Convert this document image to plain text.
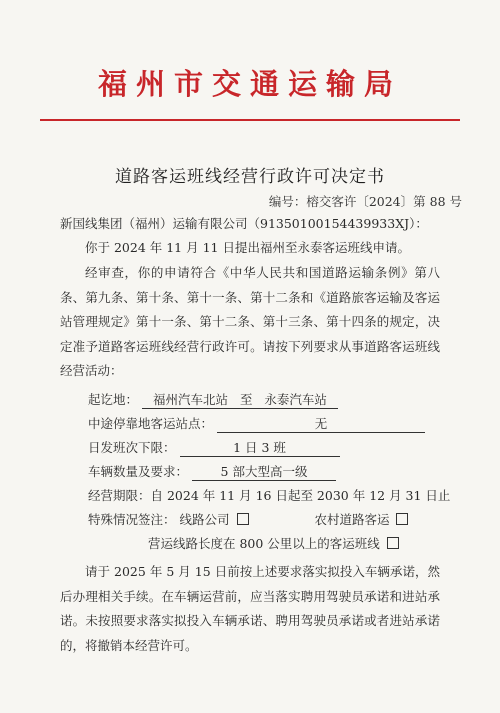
福州市交通运输局
道路客运班线经营行政许可决定书
编号：榕交客许〔2024〕第 88 号
新国线集团（福州）运输有限公司（91350100154439933XJ）：
你于 2024 年 11 月 11 日提出福州至永泰客运班线申请。
经审查，你的申请符合《中华人民共和国道路运输条例》第八条、第九条、第十条、第十一条、第十二条和《道路旅客运输及客运站管理规定》第十一条、第十二条、第十三条、第十四条的规定，决定准予道路客运班线经营行政许可。请按下列要求从事道路客运班线经营活动：
起讫地： 福州汽车北站 至 永泰汽车站
中途停靠地客运站点：	无
日发班次下限：	1 日 3 班
车辆数量及要求：	5 部大型高一级
经营期限：自 2024 年 11 月 16 日起至 2030 年 12 月 31 日止
特殊情况签注： 线路公司	农村道路客运
营运线路长度在 800 公里以上的客运班线
请于 2025 年 5 月 15 日前按上述要求落实拟投入车辆承诺，然后办理相关手续。在车辆运营前，应当落实聘用驾驶员承诺和进站承诺。未按照要求落实拟投入车辆承诺、聘用驾驶员承诺或者进站承诺的，将撤销本经营许可。
